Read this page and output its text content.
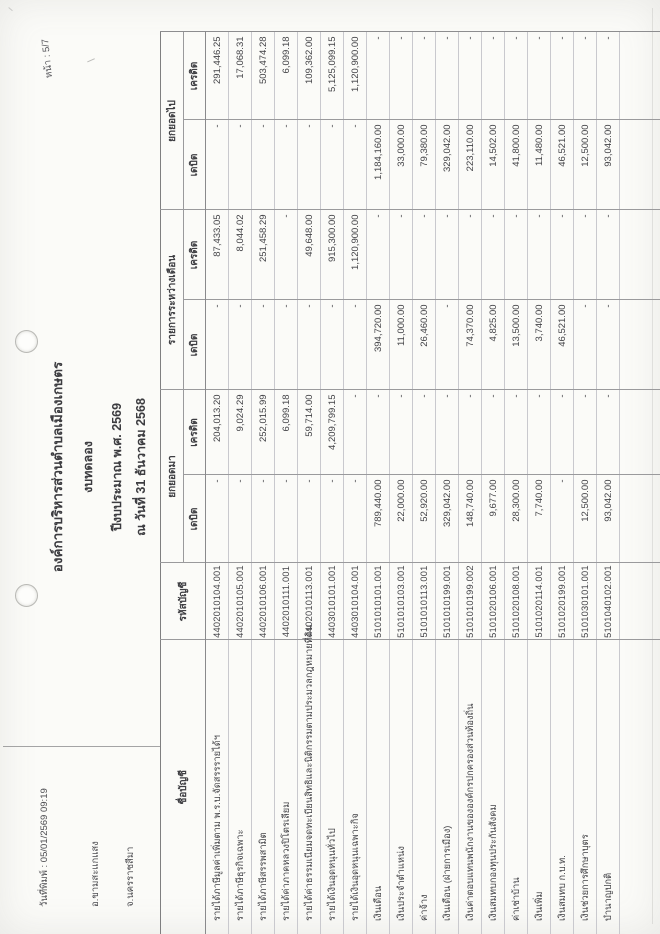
วันที่พิมพ์ : 05/01/2569 09:19	อ.ขามสะแกแสง	จ.นครราชสีมา
หน้า : 5/7
องค์การบริหารส่วนตำบลเมืองเกษตร งบทดลอง ปีงบประมาณ พ.ศ. 2569 ณ วันที่ 31 ธันวาคม 2568
ชื่อบัญชี	รหัสบัญชี	ยกยอดมา		รายการระหว่างเดือน		ยกยอดไป	
		เดบิต	เครดิต	เดบิต	เครดิต	เดบิต	เครดิต
รายได้ภาษีมูลค่าเพิ่มตาม พ.ร.บ.จัดสรรรายได้ฯ	4402010104.001	-	204,013.20	-	87,433.05	-	291,446.25
รายได้ภาษีธุรกิจเฉพาะ	4402010105.001	-	9,024.29	-	8,044.02	-	17,068.31
รายได้ภาษีสรรพสามิต	4402010106.001	-	252,015.99	-	251,458.29	-	503,474.28
รายได้ค่าภาคหลวงปิโตรเลียม	4402010111.001	-	6,099.18	-	-	-	6,099.18
รายได้ค่าธรรมเนียมจดทะเบียนสิทธิและนิติกรรมตามประมวลกฎหมายที่ดิน	4402010113.001	-	59,714.00	-	49,648.00	-	109,362.00
รายได้เงินอุดหนุนทั่วไป	4403010101.001	-	4,209,799.15	-	915,300.00	-	5,125,099.15
รายได้เงินอุดหนุนเฉพาะกิจ	4403010104.001	-	-	-	1,120,900.00	-	1,120,900.00
เงินเดือน	5101010101.001	789,440.00	-	394,720.00	-	1,184,160.00	-
เงินประจำตำแหน่ง	5101010103.001	22,000.00	-	11,000.00	-	33,000.00	-
ค่าจ้าง	5101010113.001	52,920.00	-	26,460.00	-	79,380.00	-
เงินเดือน (ฝ่ายการเมือง)	5101010199.001	329,042.00	-	-	-	329,042.00	-
เงินค่าตอบแทนพนักงานขององค์กรปกครองส่วนท้องถิ่น	5101010199.002	148,740.00	-	74,370.00	-	223,110.00	-
เงินสมทบกองทุนประกันสังคม	5101020106.001	9,677.00	-	4,825.00	-	14,502.00	-
ค่าเช่าบ้าน	5101020108.001	28,300.00	-	13,500.00	-	41,800.00	-
เงินเพิ่ม	5101020114.001	7,740.00	-	3,740.00	-	11,480.00	-
เงินสมทบ ก.บ.ท.	5101020199.001	-	-	46,521.00	-	46,521.00	-
เงินช่วยการศึกษาบุตร	5101030101.001	12,500.00	-	-	-	12,500.00	-
บำนาญปกติ	5101040102.001	93,042.00	-	-	-	93,042.00	-
